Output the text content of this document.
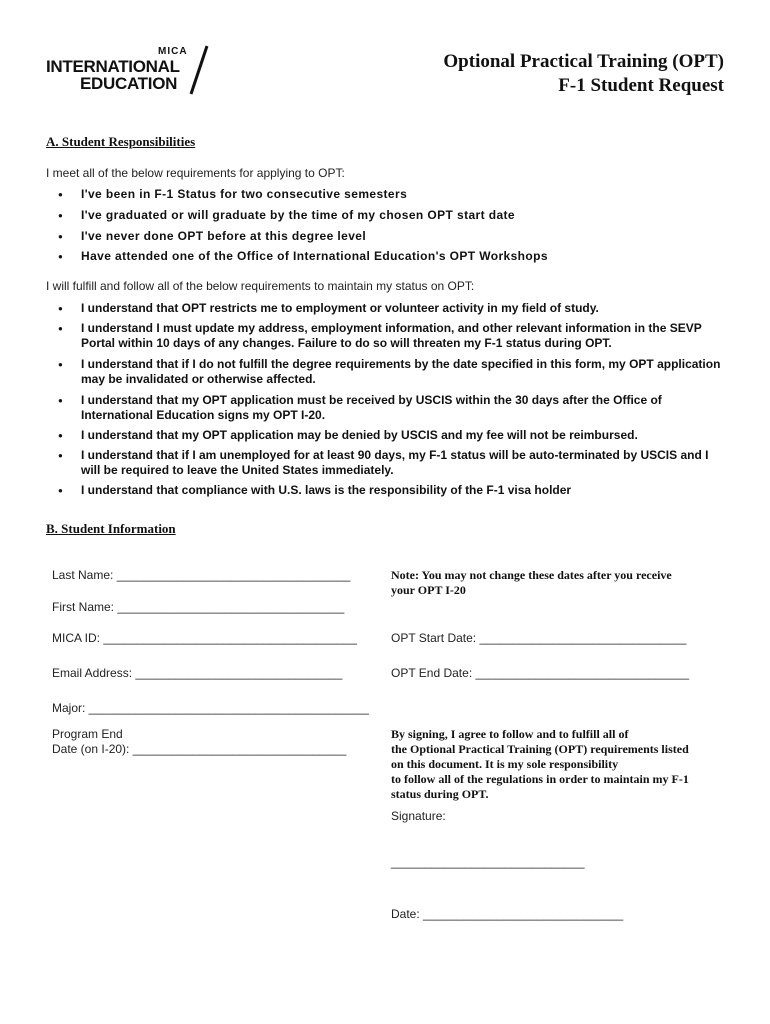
MICA
INTERNATIONAL
EDUCATION
Optional Practical Training (OPT)
F-1 Student Request
A. Student Responsibilities
I meet all of the below requirements for applying to OPT:
● I've been in F-1 Status for two consecutive semesters
● I've graduated or will graduate by the time of my chosen OPT start date
● I've never done OPT before at this degree level
● Have attended one of the Office of International Education's OPT Workshops
I will fulfill and follow all of the below requirements to maintain my status on OPT:
● I understand that OPT restricts me to employment or volunteer activity in my field of study.
● I understand I must update my address, employment information, and other relevant information in the SEVP Portal within 10 days of any changes. Failure to do so will threaten my F-1 status during OPT.
● I understand that if I do not fulfill the degree requirements by the date specified in this form, my OPT application may be invalidated or otherwise affected.
● I understand that my OPT application must be received by USCIS within the 30 days after the Office of International Education signs my OPT I-20.
● I understand that my OPT application may be denied by USCIS and my fee will not be reimbursed.
● I understand that if I am unemployed for at least 90 days, my F-1 status will be auto-terminated by USCIS and I will be required to leave the United States immediately.
● I understand that compliance with U.S. laws is the responsibility of the F-1 visa holder
B. Student Information
Last Name: ___________________________________
First Name: __________________________________
MICA ID: ______________________________________
Email Address: _______________________________
Major: __________________________________________
Program End
Date (on I-20): ________________________________
Note: You may not change these dates after you receive
your OPT I-20
OPT Start Date: _______________________________
OPT End Date: ________________________________
By signing, I agree to follow and to fulfill all of
the Optional Practical Training (OPT) requirements listed
on this document. It is my sole responsibility
to follow all of the regulations in order to maintain my F-1
status during OPT.
Signature:
_____________________________
Date: ______________________________
